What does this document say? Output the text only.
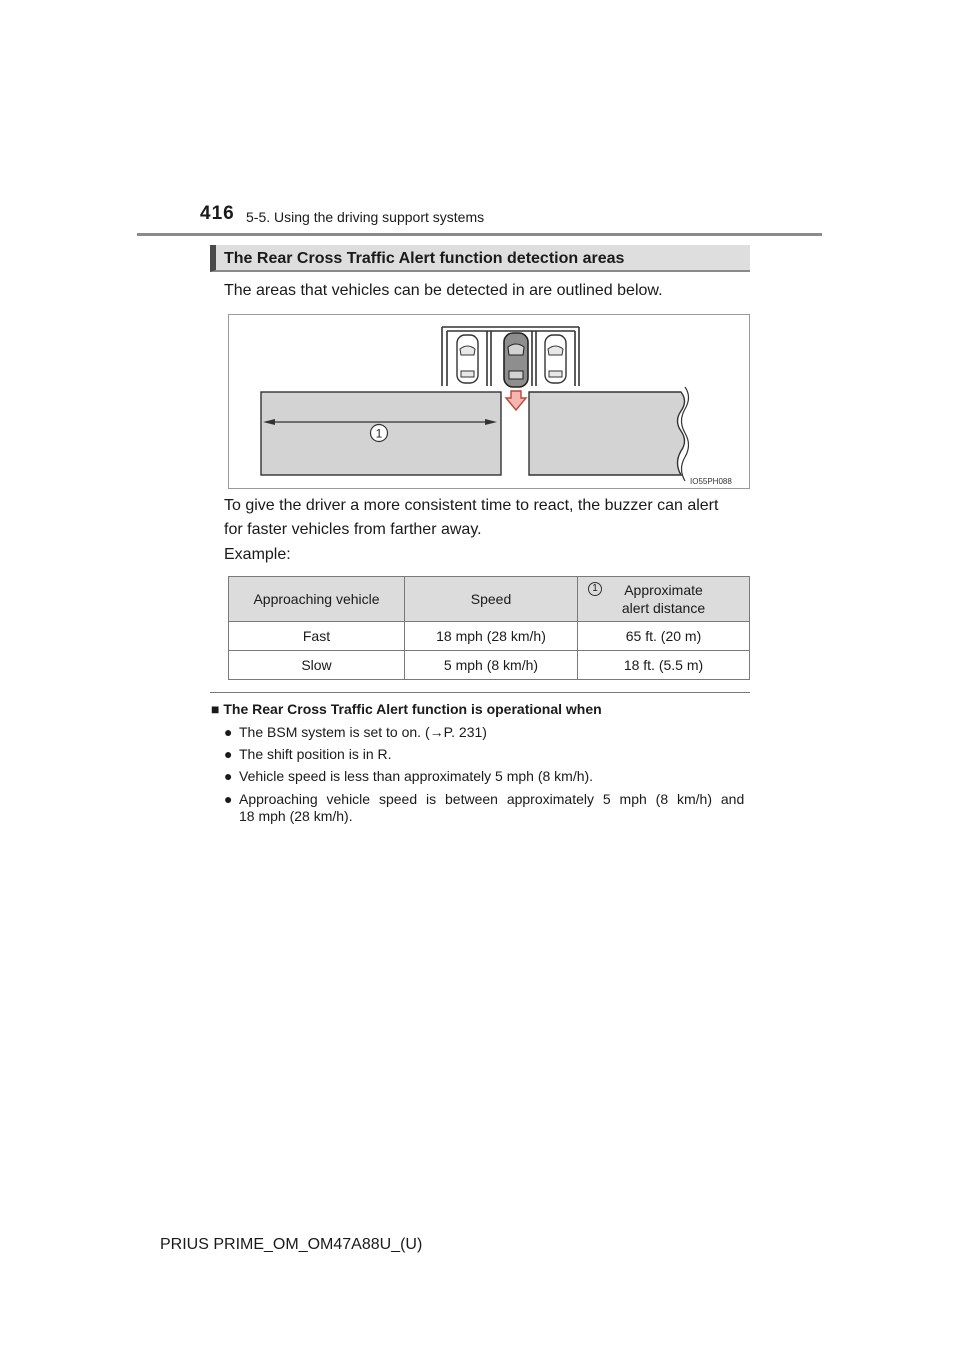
416 5-5. Using the driving support systems
The Rear Cross Traffic Alert function detection areas
The areas that vehicles can be detected in are outlined below.
1
IO55PH088
To give the driver a more consistent time to react, the buzzer can alert
for faster vehicles from farther away.
Example:
Approaching vehicle	Speed	1 Approximate
alert distance

Fast	18 mph (28 km/h)	65 ft. (20 m)
Slow	5 mph (8 km/h)	18 ft. (5.5 m)
■ The Rear Cross Traffic Alert function is operational when
● The BSM system is set to on. (→P. 231)
● The shift position is in R.
● Vehicle speed is less than approximately 5 mph (8 km/h).
● Approaching vehicle speed is between approximately 5 mph (8 km/h) and
18 mph (28 km/h).
PRIUS PRIME_OM_OM47A88U_(U)
